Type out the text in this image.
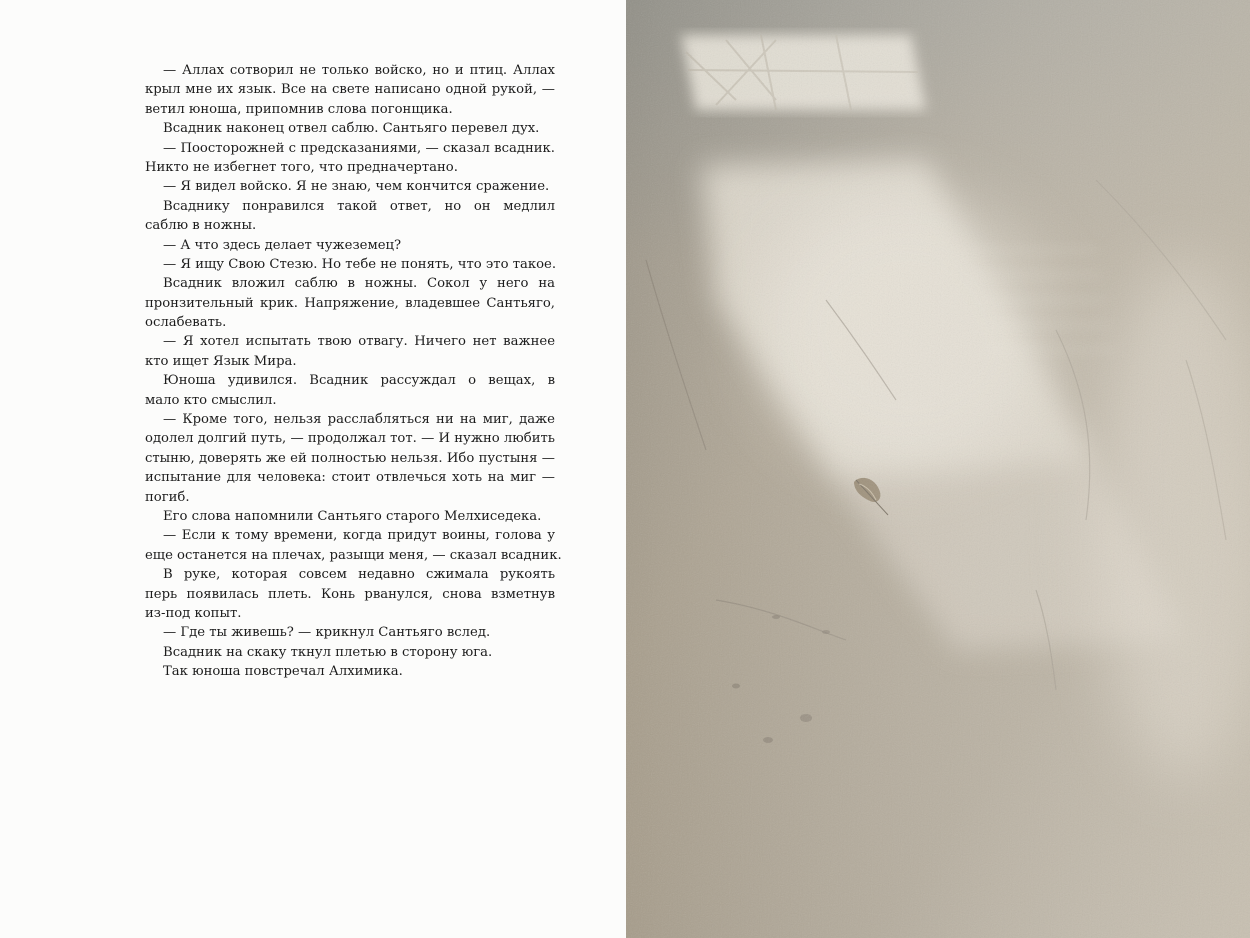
— Аллах сотворил не только войско, но и птиц. Аллах
крыл мне их язык. Все на свете написано одной рукой, —
ветил юноша, припомнив слова погонщика.
Всадник наконец отвел саблю. Сантьяго перевел дух.
— Поосторожней с предсказаниями, — сказал всадник.
Никто не избегнет того, что предначертано.
— Я видел войско. Я не знаю, чем кончится сражение.
Всаднику понравился такой ответ, но он медлил
саблю в ножны.
— А что здесь делает чужеземец?
— Я ищу Свою Стезю. Но тебе не понять, что это такое.
Всадник вложил саблю в ножны. Сокол у него на
пронзительный крик. Напряжение, владевшее Сантьяго,
ослабевать.
— Я хотел испытать твою отвагу. Ничего нет важнее
кто ищет Язык Мира.
Юноша удивился. Всадник рассуждал о вещах, в
мало кто смыслил.
— Кроме того, нельзя расслабляться ни на миг, даже
одолел долгий путь, — продолжал тот. — И нужно любить
стыню, доверять же ей полностью нельзя. Ибо пустыня —
испытание для человека: стоит отвлечься хоть на миг —
погиб.
Его слова напомнили Сантьяго старого Мелхиседека.
— Если к тому времени, когда придут воины, голова у
еще останется на плечах, разыщи меня, — сказал всадник.
В руке, которая совсем недавно сжимала рукоять
перь появилась плеть. Конь рванулся, снова взметнув
из-под копыт.
— Где ты живешь? — крикнул Сантьяго вслед.
Всадник на скаку ткнул плетью в сторону юга.
Так юноша повстречал Алхимика.
